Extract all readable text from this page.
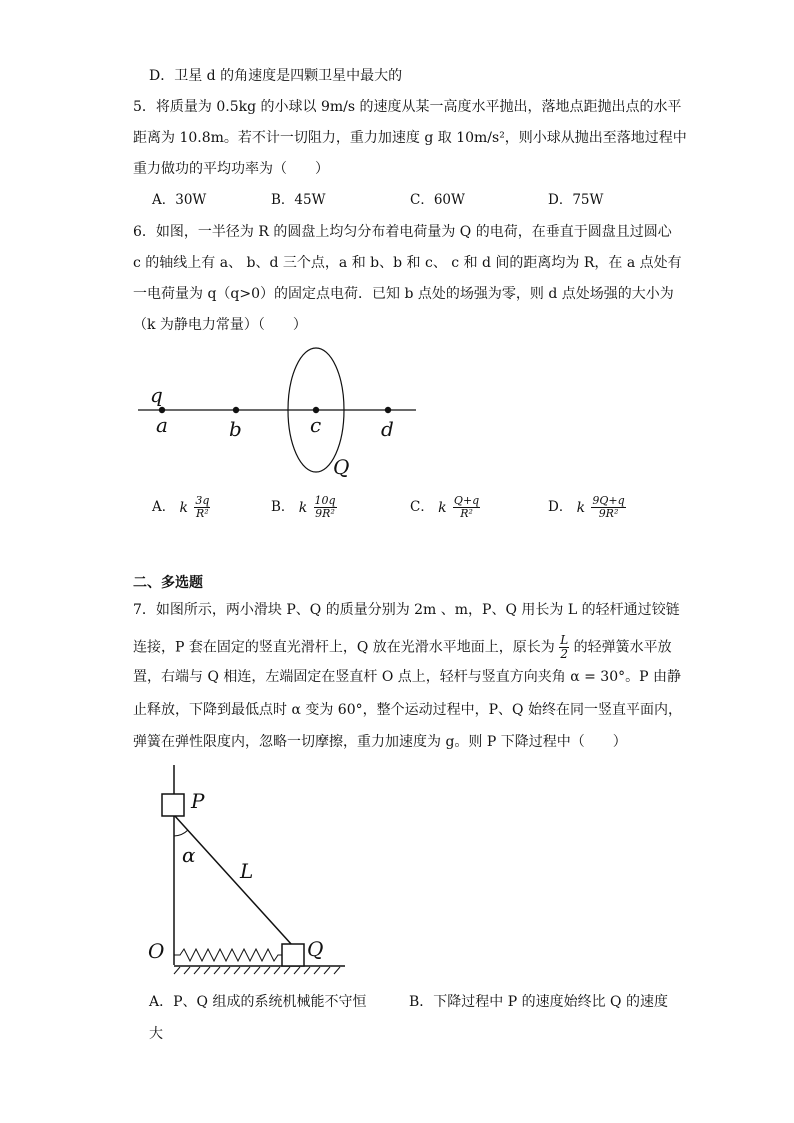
D．卫星 d 的角速度是四颗卫星中最大的
5．将质量为 0.5kg 的小球以 9m/s 的速度从某一高度水平抛出，落地点距抛出点的水平
距离为 10.8m。若不计一切阻力，重力加速度 g 取 10m/s²，则小球从抛出至落地过程中
重力做功的平均功率为（　　）
A．30W	B．45W	C．60W	D．75W
6．如图，一半径为 R 的圆盘上均匀分布着电荷量为 Q 的电荷，在垂直于圆盘且过圆心
c 的轴线上有 a、 b、d 三个点，a 和 b、b 和 c、 c 和 d 间的距离均为 R，在 a 点处有
一电荷量为 q（q>0）的固定点电荷．已知 b 点处的场强为零，则 d 点处场强的大小为
（k 为静电力常量）（　　）
q
a	b	c	d
Q
A． k $\frac{3q}{\text{R²}}$	B． k $\frac{10q}{\text{9R²}}$	C． k $\frac{Q+q}{\text{R²}}$	D． k $\frac{9Q+q}{\text{9R²}}$
二、多选题
7．如图所示，两小滑块 P、Q 的质量分别为 2m 、m，P、Q 用长为 L 的轻杆通过铰链
连接，P 套在固定的竖直光滑杆上，Q 放在光滑水平地面上，原长为 $\frac{L}{2}$ 的轻弹簧水平放
置，右端与 Q 相连，左端固定在竖直杆 O 点上，轻杆与竖直方向夹角 α = 30°。P 由静
止释放，下降到最低点时 α 变为 60°，整个运动过程中，P、Q 始终在同一竖直平面内，
弹簧在弹性限度内，忽略一切摩擦，重力加速度为 g。则 P 下降过程中（　　）
P
α
L
O	Q
A．P、Q 组成的系统机械能不守恒	B．下降过程中 P 的速度始终比 Q 的速度
大
